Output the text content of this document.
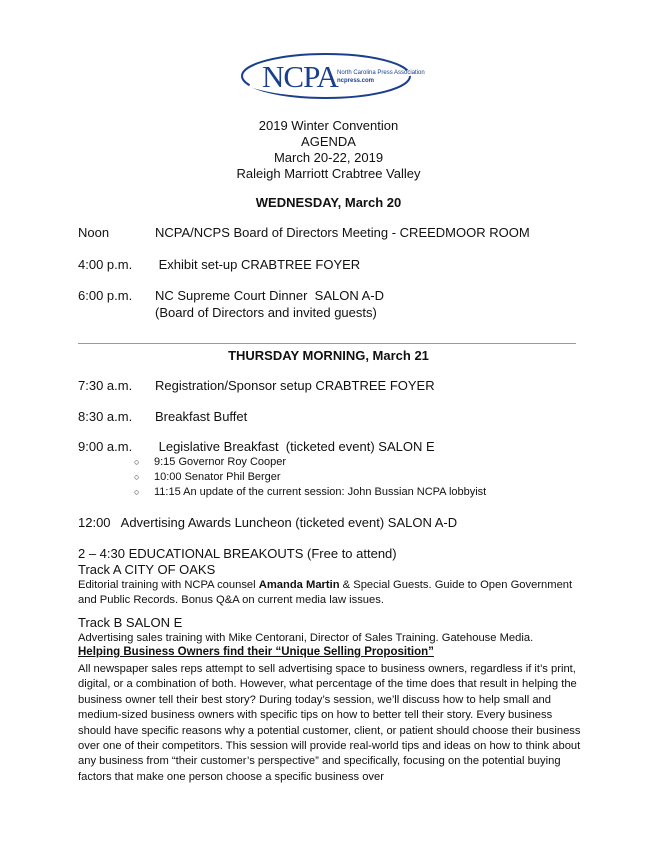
NCPA North Carolina Press Association
ncpress.com
2019 Winter Convention
AGENDA
March 20-22, 2019
Raleigh Marriott Crabtree Valley
WEDNESDAY, March 20
Noon	NCPA/NCPS Board of Directors Meeting - CREEDMOOR ROOM
4:00 p.m. Exhibit set-up CRABTREE FOYER
6:00 p.m. NC Supreme Court Dinner  SALON A-D
(Board of Directors and invited guests)
THURSDAY MORNING, March 21
7:30 a.m. Registration/Sponsor setup CRABTREE FOYER
8:30 a.m. Breakfast Buffet
9:00 a.m. Legislative Breakfast  (ticketed event) SALON E
○ 9:15 Governor Roy Cooper
○ 10:00 Senator Phil Berger
○ 11:15 An update of the current session: John Bussian NCPA lobbyist
12:00   Advertising Awards Luncheon (ticketed event) SALON A-D
2 – 4:30 EDUCATIONAL BREAKOUTS (Free to attend)
Track A CITY OF OAKS
Editorial training with NCPA counsel Amanda Martin & Special Guests. Guide to Open Government and Public Records. Bonus Q&A on current media law issues.
Track B SALON E
Advertising sales training with Mike Centorani, Director of Sales Training. Gatehouse Media.
Helping Business Owners find their “Unique Selling Proposition”
All newspaper sales reps attempt to sell advertising space to business owners, regardless if it’s print, digital, or a combination of both. However, what percentage of the time does that result in helping the business owner tell their best story? During today’s session, we’ll discuss how to help small and medium-sized business owners with specific tips on how to better tell their story. Every business should have specific reasons why a potential customer, client, or patient should choose their business over one of their competitors. This session will provide real-world tips and ideas on how to think about any business from “their customer’s perspective” and specifically, focusing on the potential buying factors that make one person choose a specific business over
